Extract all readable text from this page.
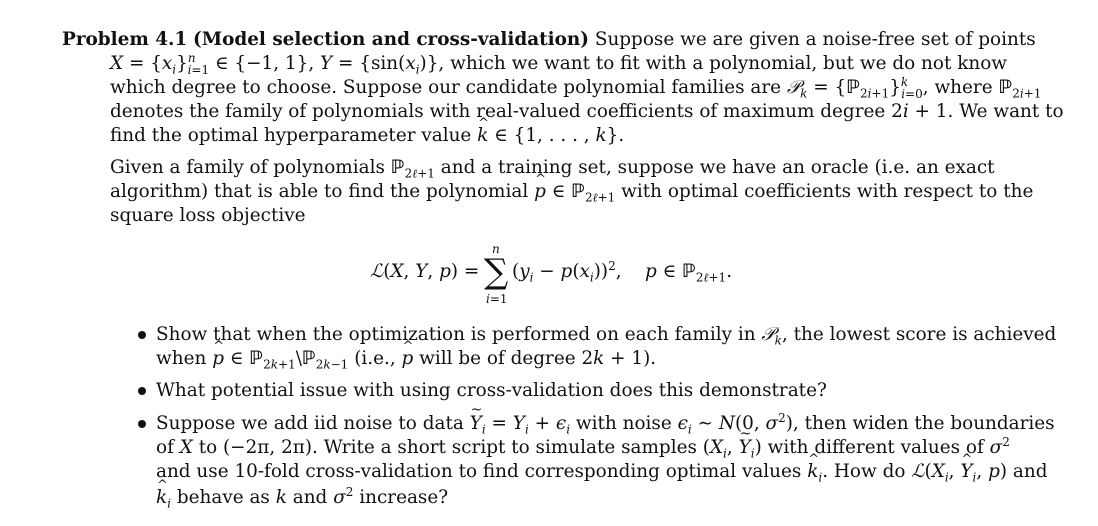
Problem 4.1 (Model selection and cross-validation) Suppose we are given a noise-free set of points
$X = \{x_i\}^n_{i=1}$ ∈ {−1, 1}, $Y = \{\sin(x_i)\}$, which we want to fit with a polynomial, but we do not know
which degree to choose. Suppose our candidate polynomial families are 𝒫$_k$ = {ℙ$_{2i+1}$}$^k_{i=0}$, where ℙ$_{2i+1}$
denotes the family of polynomials with real-valued coefficients of maximum degree 2i + 1. We want to
find the optimal hyperparameter value ^ k ∈ {1, . . . , k}.
Given a family of polynomials ℙ$_{2\ell+1}$ and a training set, suppose we have an oracle (i.e. an exact
algorithm) that is able to find the polynomial ^ p ∈ ℙ$_{2\ell+1}$ with optimal coefficients with respect to the
square loss objective
ℒ(X, Y, p) =
n
∑
i=1
$(y_i - p(x_i))^2$,    p ∈ ℙ$_{2\ell+1}$.
Show that when the optimization is performed on each family in 𝒫$_k$, the lowest score is achieved
when ^ p ∈ ℙ$_{2k+1}$\ℙ$_{2k-1}$ (i.e., ^ p will be of degree 2k + 1).
What potential issue with using cross-validation does this demonstrate?
Suppose we add iid noise to data ~ $Y_i = Y_i + \epsilon_i$ with noise $\epsilon_i$ ∼ N(0, $\sigma^2$), then widen the boundaries
of X to (−2π, 2π). Write a short script to simulate samples ($X_i$, ~ $Y_i$) with different values of $\sigma^2$
and use 10-fold cross-validation to find corresponding optimal values ^ $k_i$. How do $ℒ(X_i$, ^ $Y_i$, p) and
^ $k_i$ behave as k and $\sigma^2$ increase?
